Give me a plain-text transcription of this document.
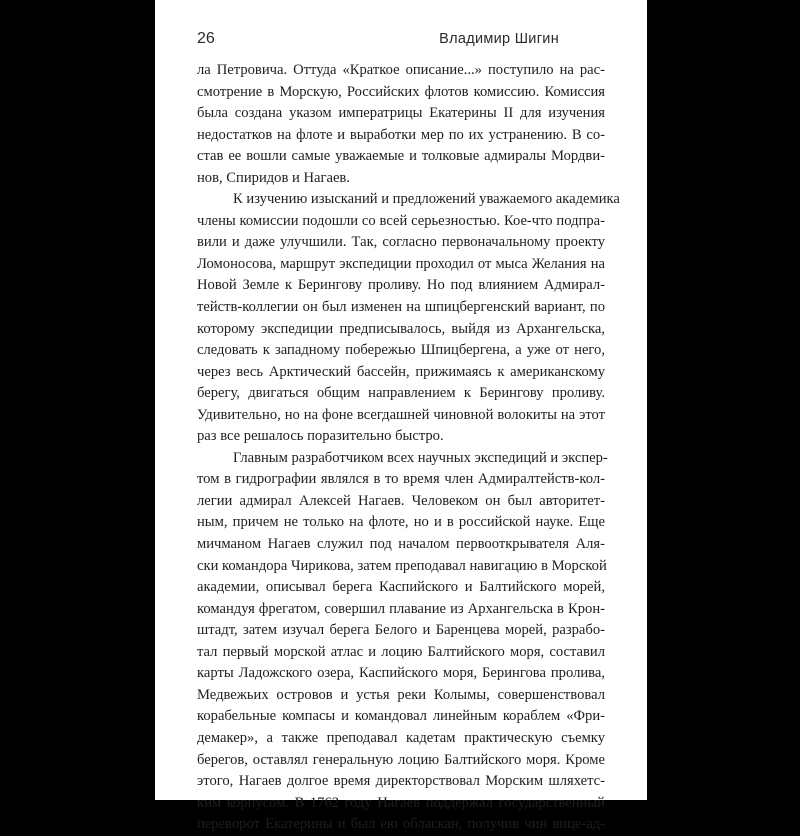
26	Владимир Шигин
ла Петровича. Оттуда «Краткое описание...» поступило на рас-
смотрение в Морскую, Российских флотов комиссию. Комиссия
была создана указом императрицы Екатерины II для изучения
недостатков на флоте и выработки мер по их устранению. В со-
став ее вошли самые уважаемые и толковые адмиралы Мордви-
нов, Спиридов и Нагаев.
К изучению изысканий и предложений уважаемого академика
члены комиссии подошли со всей серьезностью. Кое-что подпра-
вили и даже улучшили. Так, согласно первоначальному проекту
Ломоносова, маршрут экспедиции проходил от мыса Желания на
Новой Земле к Берингову проливу. Но под влиянием Адмирал-
тейств-коллегии он был изменен на шпицбергенский вариант, по
которому экспедиции предписывалось, выйдя из Архангельска,
следовать к западному побережью Шпицбергена, а уже от него,
через весь Арктический бассейн, прижимаясь к американскому
берегу, двигаться общим направлением к Берингову проливу.
Удивительно, но на фоне всегдашней чиновной волокиты на этот
раз все решалось поразительно быстро.
Главным разработчиком всех научных экспедиций и экспер-
том в гидрографии являлся в то время член Адмиралтейств-кол-
легии адмирал Алексей Нагаев. Человеком он был авторитет-
ным, причем не только на флоте, но и в российской науке. Еще
мичманом Нагаев служил под началом первооткрывателя Аля-
ски командора Чирикова, затем преподавал навигацию в Морской
академии, описывал берега Каспийского и Балтийского морей,
командуя фрегатом, совершил плавание из Архангельска в Крон-
штадт, затем изучал берега Белого и Баренцева морей, разрабо-
тал первый морской атлас и лоцию Балтийского моря, составил
карты Ладожского озера, Каспийского моря, Берингова пролива,
Медвежьих островов и устья реки Колымы, совершенствовал
корабельные компасы и командовал линейным кораблем «Фри-
демакер», а также преподавал кадетам практическую съемку
берегов, оставлял генеральную лоцию Балтийского моря. Кроме
этого, Нагаев долгое время директорствовал Морским шляхетс-
ким корпусом. В 1762 году Нагаев поддержал государственный
переворот Екатерины и был ею обласкан, получив чин вице-ад-
